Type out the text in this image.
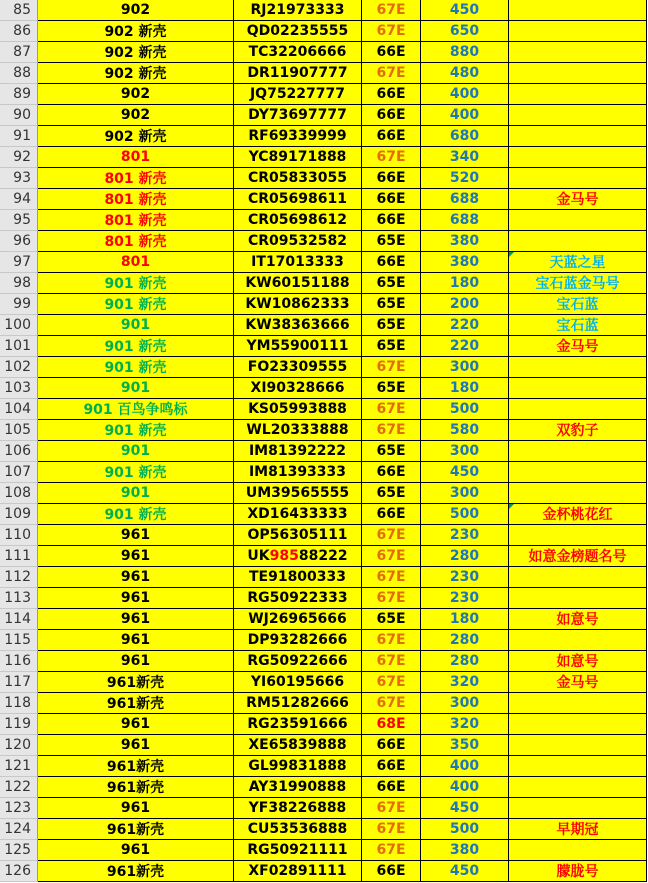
85	902	RJ21973333	67E	450
86	902 新壳	QD02235555	67E	650
87	902 新壳	TC32206666	66E	880
88	902 新壳	DR11907777	67E	480
89	902	JQ75227777	66E	400
90	902	DY73697777	66E	400
91	902 新壳	RF69339999	66E	680
92	801	YC89171888	67E	340
93	801 新壳	CR05833055	66E	520
94	801 新壳	CR05698611	66E	688	金马号
95	801 新壳	CR05698612	66E	688
96	801 新壳	CR09532582	65E	380
97	801	IT17013333	66E	380	天蓝之星
98	901 新壳	KW60151188	65E	180	宝石蓝金马号
99	901 新壳	KW10862333	65E	200	宝石蓝
100	901	KW38363666	65E	220	宝石蓝
101	901 新壳	YM55900111	65E	220	金马号
102	901 新壳	FO23309555	67E	300
103	901	XI90328666	65E	180
104	901 百鸟争鸣标	KS05993888	67E	500
105	901 新壳	WL20333888	67E	580	双豹子
106	901	IM81392222	65E	300
107	901 新壳	IM81393333	66E	450
108	901	UM39565555	65E	300
109	901 新壳	XD16433333	66E	500	金杯桃花红
110	961	OP56305111	67E	230
111	961	UK 985 88222	67E	280	如意金榜题名号
112	961	TE91800333	67E	230
113	961	RG50922333	67E	230
114	961	WJ26965666	65E	180	如意号
115	961	DP93282666	67E	280
116	961	RG50922666	67E	280	如意号
117	961新壳	YI60195666	67E	320	金马号
118	961新壳	RM51282666	67E	300
119	961	RG23591666	68E	320
120	961	XE65839888	66E	350
121	961新壳	GL99831888	66E	400
122	961新壳	AY31990888	66E	400
123	961	YF38226888	67E	450
124	961新壳	CU53536888	67E	500	早期冠
125	961	RG50921111	67E	380
126	961新壳	XF02891111	66E	450	朦胧号
